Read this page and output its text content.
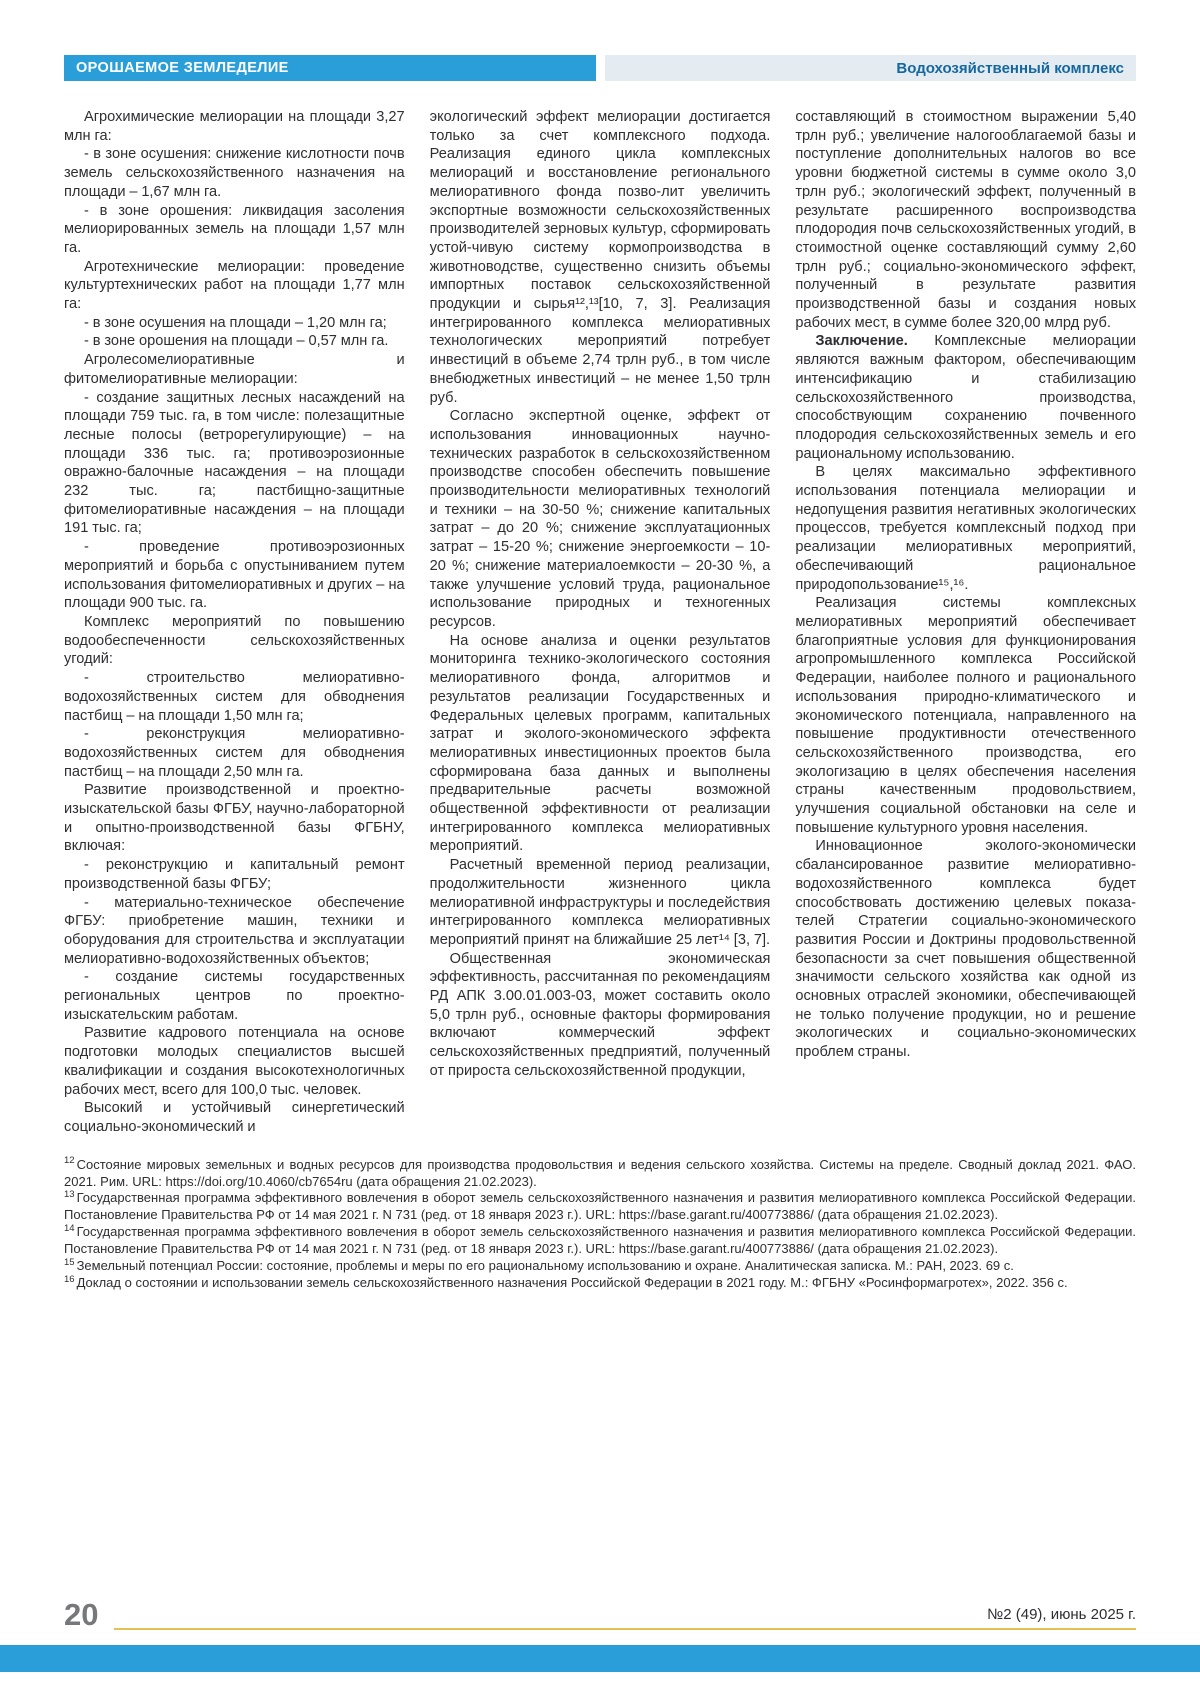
ОРОШАЕМОЕ ЗЕМЛЕДЕЛИЕ	Водохозяйственный комплекс

Агрохимические мелиорации на площади 3,27 млн га:

- в зоне осушения: снижение кислотности почв земель сельскохозяйственного назначения на площади – 1,67 млн га.

- в зоне орошения: ликвидация засоления мелиорированных земель на площади 1,57 млн га.

Агротехнические мелиорации: проведение культуртехнических работ на площади 1,77 млн га:

- в зоне осушения на площади – 1,20 млн га;

- в зоне орошения на площади – 0,57 млн га.

Агролесомелиоративные и фитомелиоративные мелиорации:

- создание защитных лесных насаждений на площади 759 тыс. га, в том числе: полезащитные лесные полосы (ветрорегулирующие) – на площади 336 тыс. га; противоэрозионные овражно-балочные насаждения – на площади 232 тыс. га; пастбищно-защитные фитомелиоративные насаждения – на площади 191 тыс. га;

- проведение противоэрозионных мероприятий и борьба с опустыниванием путем использования фитомелиоративных и других – на площади 900 тыс. га.

Комплекс мероприятий по повышению водообеспеченности сельскохозяйственных угодий:

- строительство мелиоративно-водохозяйственных систем для обводнения пастбищ – на площади 1,50 млн га;

- реконструкция мелиоративно-водохозяйственных систем для обводнения пастбищ – на площади 2,50 млн га.

Развитие производственной и проектно-изыскательской базы ФГБУ, научно-лабораторной и опытно-производственной базы ФГБНУ, включая:

- реконструкцию и капитальный ремонт производственной базы ФГБУ;

- материально-техническое обеспечение ФГБУ: приобретение машин, техники и оборудования для строительства и эксплуатации мелиоративно-водохозяйственных объектов;

- создание системы государственных региональных центров по проектно-изыскательским работам.

Развитие кадрового потенциала на основе подготовки молодых специалистов высшей квалификации и создания высокотехнологичных рабочих мест, всего для 100,0 тыс. человек.

Высокий и устойчивый синергетический социально-экономический и

экологический эффект мелиорации достигается только за счет комплексного подхода. Реализация единого цикла комплексных мелиораций и восстановление регионального мелиоративного фонда позво-лит увеличить экспортные возможности сельскохозяйственных производителей зерновых культур, сформировать устой-чивую систему кормопроизводства в животноводстве, существенно снизить объемы импортных поставок сельскохозяйственной продукции и сырья¹²,¹³[10, 7, 3]. Реализация интегрированного комплекса мелиоративных технологических мероприятий потребует инвестиций в объеме 2,74 трлн руб., в том числе внебюджетных инвестиций – не менее 1,50 трлн руб.

Согласно экспертной оценке, эффект от использования инновационных научно-технических разработок в сельскохозяйственном производстве способен обеспечить повышение производительности мелиоративных технологий и техники – на 30-50 %; снижение капитальных затрат – до 20 %; снижение эксплуатационных затрат – 15-20 %; снижение энергоемкости – 10-20 %; снижение материалоемкости – 20-30 %, а также улучшение условий труда, рациональное использование природных и техногенных ресурсов.

На основе анализа и оценки результатов мониторинга технико-экологического состояния мелиоративного фонда, алгоритмов и результатов реализации Государственных и Федеральных целевых программ, капитальных затрат и эколого-экономического эффекта мелиоративных инвестиционных проектов была сформирована база данных и выполнены предварительные расчеты возможной общественной эффективности от реализации интегрированного комплекса мелиоративных мероприятий.

Расчетный временной период реализации, продолжительности жизненного цикла мелиоративной инфраструктуры и последействия интегрированного комплекса мелиоративных мероприятий принят на ближайшие 25 лет¹⁴ [3, 7].

Общественная экономическая эффективность, рассчитанная по рекомендациям РД АПК 3.00.01.003-03, может составить около 5,0 трлн руб., основные факторы формирования включают коммерческий эффект сельскохозяйственных предприятий, полученный от прироста сельскохозяйственной продукции,

составляющий в стоимостном выражении 5,40 трлн руб.; увеличение налогооблагаемой базы и поступление дополнительных налогов во все уровни бюджетной системы в сумме около 3,0 трлн руб.; экологический эффект, полученный в результате расширенного воспроизводства плодородия почв сельскохозяйственных угодий, в стоимостной оценке составляющий сумму 2,60 трлн руб.; социально-экономического эффект, полученный в результате развития производственной базы и создания новых рабочих мест, в сумме более 320,00 млрд руб.

Заключение. Комплексные мелиорации являются важным фактором, обеспечивающим интенсификацию и стабилизацию сельскохозяйственного производства, способствующим сохранению почвенного плодородия сельскохозяйственных земель и его рациональному использованию.

В целях максимально эффективного использования потенциала мелиорации и недопущения развития негативных экологических процессов, требуется комплексный подход при реализации мелиоративных мероприятий, обеспечивающий рациональное природопользование¹⁵,¹⁶.

Реализация системы комплексных мелиоративных мероприятий обеспечивает благоприятные условия для функционирования агропромышленного комплекса Российской Федерации, наиболее полного и рационального использования природно-климатического и экономического потенциала, направленного на повышение продуктивности отечественного сельскохозяйственного производства, его экологизацию в целях обеспечения населения страны качественным продовольствием, улучшения социальной обстановки на селе и повышение культурного уровня населения.

Инновационное эколого-экономически сбалансированное развитие мелиоративно-водохозяйственного комплекса будет способствовать достижению целевых показа-телей Стратегии социально-экономического развития России и Доктрины продовольственной безопасности за счет повышения общественной значимости сельского хозяйства как одной из основных отраслей экономики, обеспечивающей не только получение продукции, но и решение экологических и социально-экономических проблем страны.

$^{12}$ Состояние мировых земельных и водных ресурсов для производства продовольствия и ведения сельского хозяйства. Системы на пределе. Сводный доклад 2021. ФАО. 2021. Рим. URL: https://doi.org/10.4060/cb7654ru (дата обращения 21.02.2023).
$^{13}$ Государственная программа эффективного вовлечения в оборот земель сельскохозяйственного назначения и развития мелиоративного комплекса Российской Федерации. Постановление Правительства РФ от 14 мая 2021 г. N 731 (ред. от 18 января 2023 г.). URL: https://base.garant.ru/400773886/ (дата обращения 21.02.2023).
$^{14}$ Государственная программа эффективного вовлечения в оборот земель сельскохозяйственного назначения и развития мелиоративного комплекса Российской Федерации. Постановление Правительства РФ от 14 мая 2021 г. N 731 (ред. от 18 января 2023 г.). URL: https://base.garant.ru/400773886/ (дата обращения 21.02.2023).
$^{15}$ Земельный потенциал России: состояние, проблемы и меры по его рациональному использованию и охране. Аналитическая записка. М.: РАН, 2023. 69 с.
$^{16}$ Доклад о состоянии и использовании земель сельскохозяйственного назначения Российской Федерации в 2021 году. М.: ФГБНУ «Росинформагротех», 2022. 356 с.
20	№2 (49), июнь 2025 г.
